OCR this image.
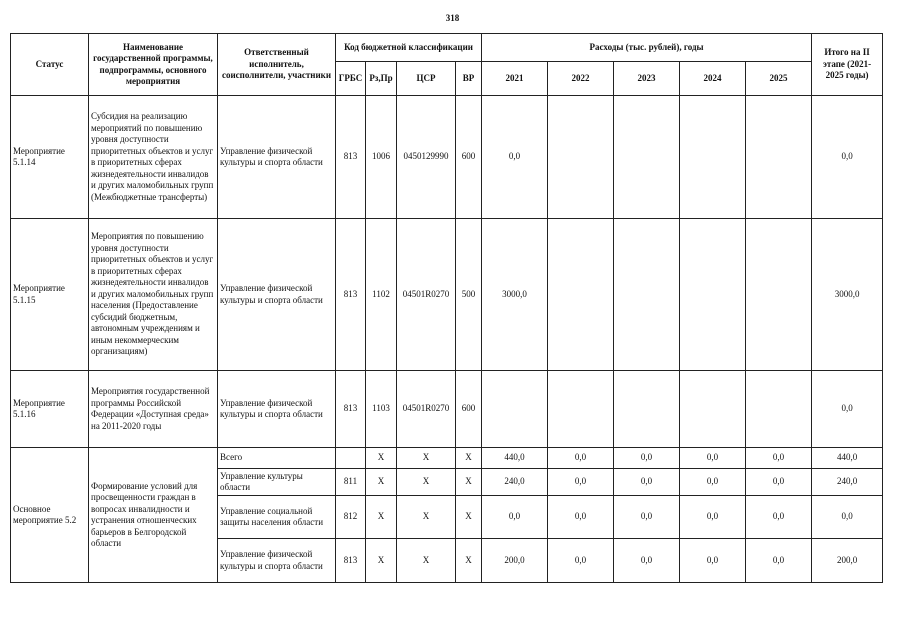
318
Статус	Наименование государственной программы, подпрограммы, основного мероприятия	Ответственный исполнитель, соисполнители, участники	Код бюджетной классификации				Расходы (тыс. рублей), годы					Итого на II этапе (2021-2025 годы)
			ГРБС	Рз,Пр	ЦСР	ВР	2021	2022	2023	2024	2025	
Мероприятие 5.1.14	Субсидия на реализацию мероприятий по повышению уровня доступности приоритетных объектов и услуг в приоритетных сферах жизнедеятельности инвалидов и других маломобильных групп (Межбюджетные трансферты)	Управление физической культуры и спорта области	813	1006	0450129990	600	0,0					0,0
Мероприятие 5.1.15	Мероприятия по повышению уровня доступности приоритетных объектов и услуг в приоритетных сферах жизнедеятельности инвалидов и других маломобильных групп населения (Предоставление субсидий бюджетным, автономным учреждениям и иным некоммерческим организациям)	Управление физической культуры и спорта области	813	1102	04501R0270	500	3000,0					3000,0
Мероприятие 5.1.16	Мероприятия государственной программы Российской Федерации «Доступная среда» на 2011-2020 годы	Управление физической культуры и спорта области	813	1103	04501R0270	600						0,0
Основное мероприятие 5.2	Формирование условий для просвещенности граждан в вопросах инвалидности и устранения отношенческих барьеров в Белгородской области	Всего		X	X	X	440,0	0,0	0,0	0,0	0,0	440,0
		Управление культуры области	811	X	X	X	240,0	0,0	0,0	0,0	0,0	240,0
		Управление социальной защиты населения области	812	X	X	X	0,0	0,0	0,0	0,0	0,0	0,0
		Управление физической культуры и спорта области	813	X	X	X	200,0	0,0	0,0	0,0	0,0	200,0
